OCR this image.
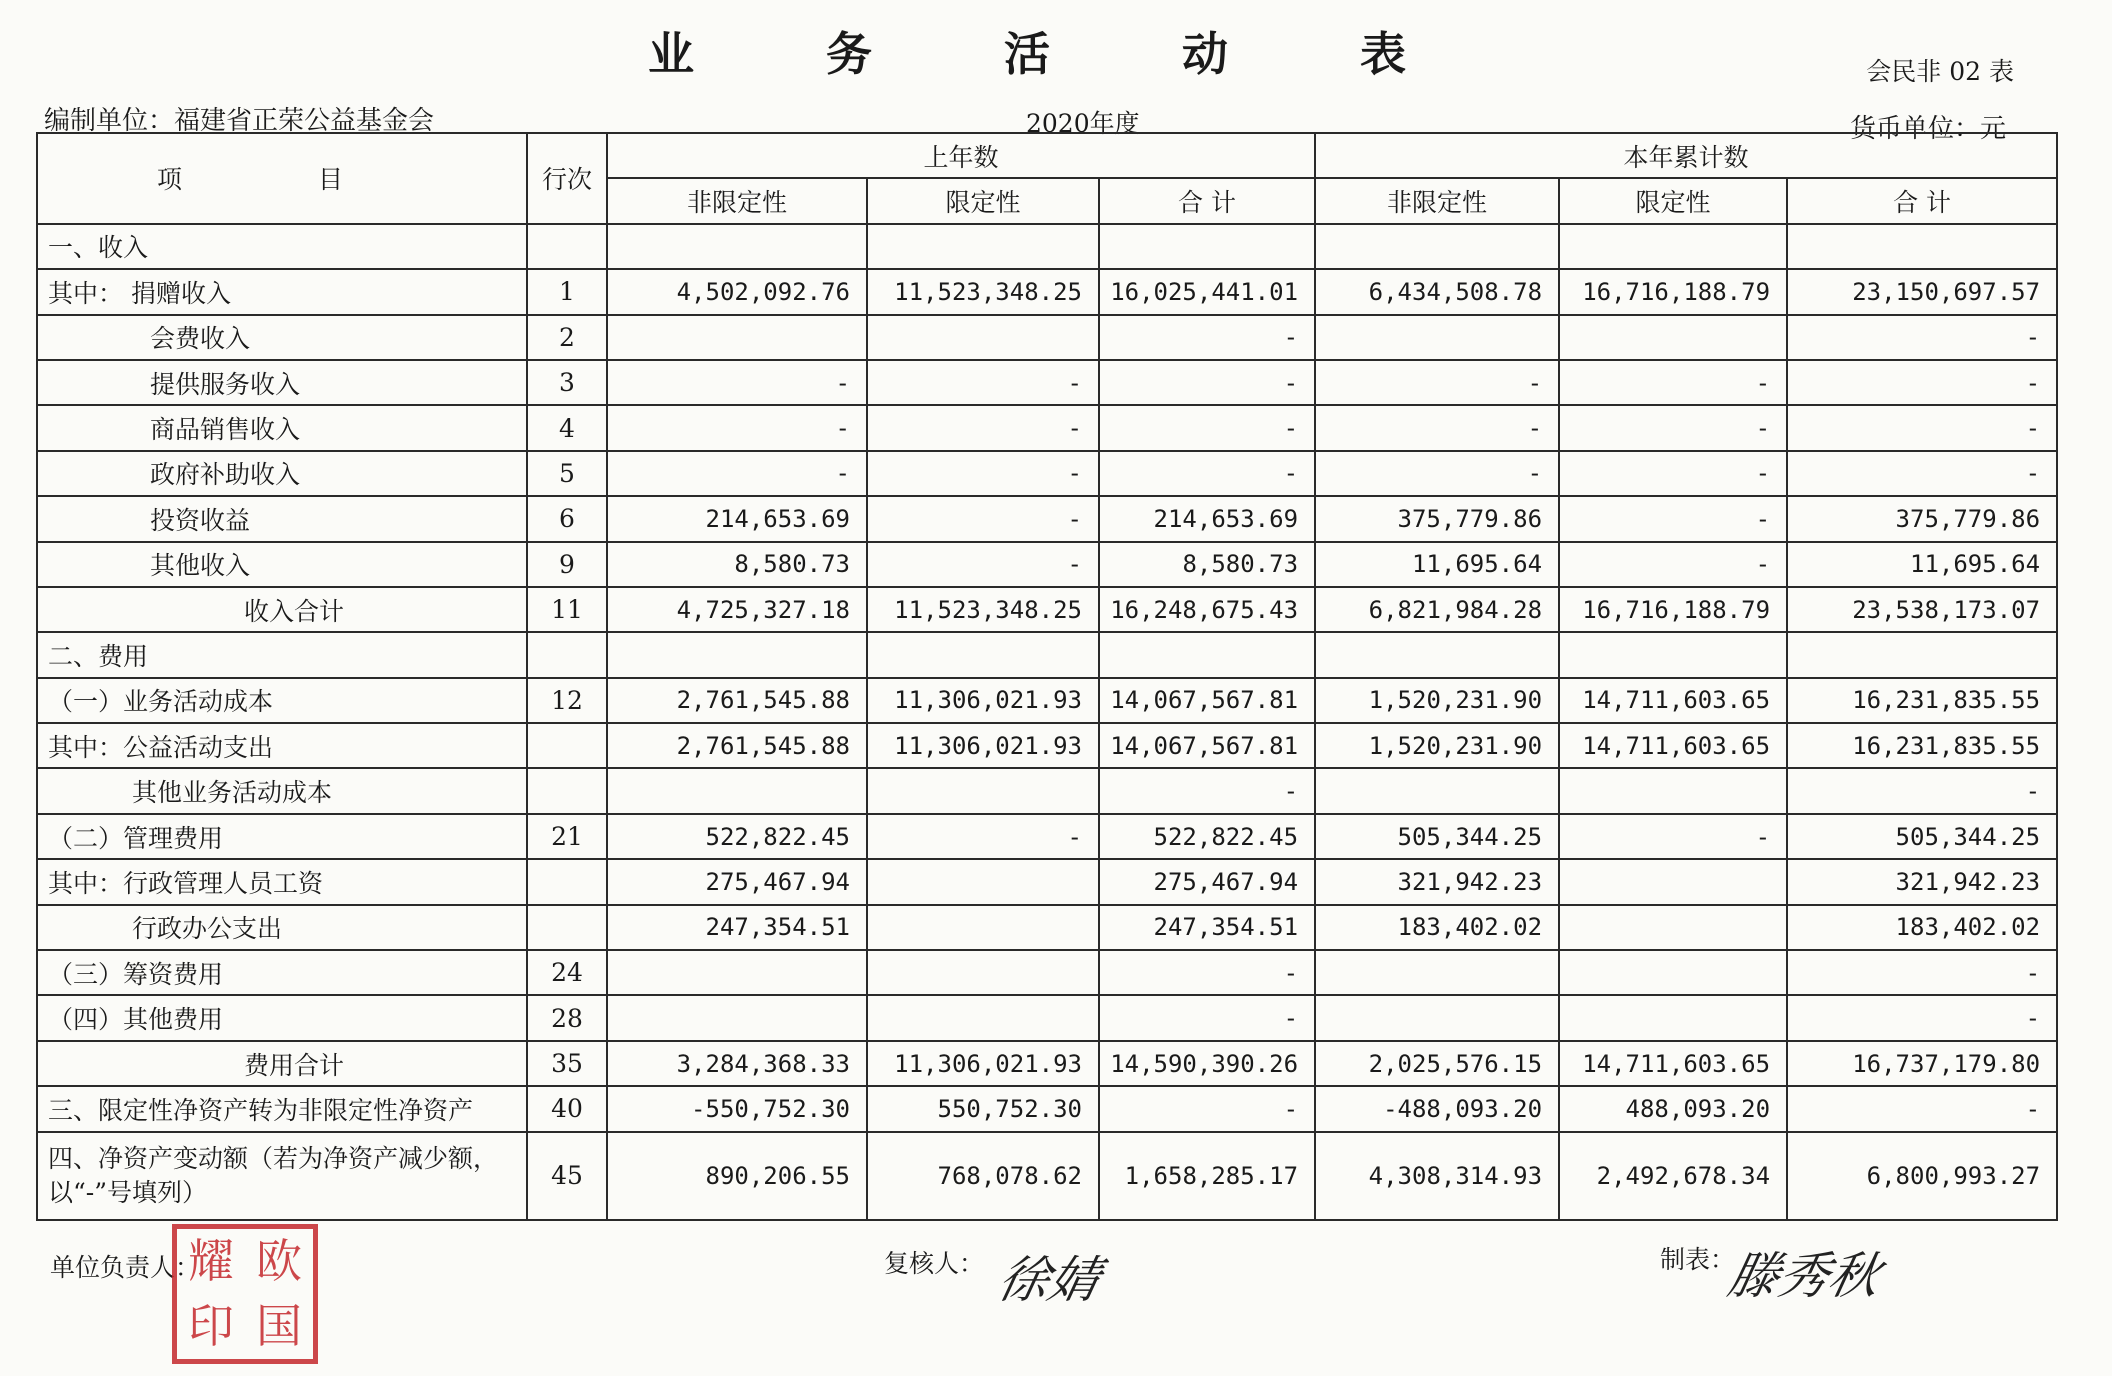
业 务 活 动 表	会民非 02 表
编制单位：福建省正荣公益基金会	2020年度	货币单位：元
项 目	行次	上年数			本年累计数		
		非限定性	限定性	合 计	非限定性	限定性	合 计
一、收入							
其中： 捐赠收入	1	4,502,092.76	11,523,348.25	16,025,441.01	6,434,508.78	16,716,188.79	23,150,697.57
会费收入	2			-			-
提供服务收入	3	-	-	-	-	-	-
商品销售收入	4	-	-	-	-	-	-
政府补助收入	5	-	-	-	-	-	-
投资收益	6	214,653.69	-	214,653.69	375,779.86	-	375,779.86
其他收入	9	8,580.73	-	8,580.73	11,695.64	-	11,695.64
收入合计	11	4,725,327.18	11,523,348.25	16,248,675.43	6,821,984.28	16,716,188.79	23,538,173.07
二、费用							
（一）业务活动成本	12	2,761,545.88	11,306,021.93	14,067,567.81	1,520,231.90	14,711,603.65	16,231,835.55
其中：公益活动支出		2,761,545.88	11,306,021.93	14,067,567.81	1,520,231.90	14,711,603.65	16,231,835.55
其他业务活动成本				-			-
（二）管理费用	21	522,822.45	-	522,822.45	505,344.25	-	505,344.25
其中：行政管理人员工资		275,467.94		275,467.94	321,942.23		321,942.23
行政办公支出		247,354.51		247,354.51	183,402.02		183,402.02
（三）筹资费用	24			-			-
（四）其他费用	28			-			-
费用合计	35	3,284,368.33	11,306,021.93	14,590,390.26	2,025,576.15	14,711,603.65	16,737,179.80
三、限定性净资产转为非限定性净资产	40	-550,752.30	550,752.30	-	-488,093.20	488,093.20	-
四、净资产变动额（若为净资产减少额，以“-”号填列）	45	890,206.55	768,078.62	1,658,285.17	4,308,314.93	2,492,678.34	6,800,993.27
单位负责人：
耀 欧
印 国
复核人： 徐婧	制表：
滕秀秋
